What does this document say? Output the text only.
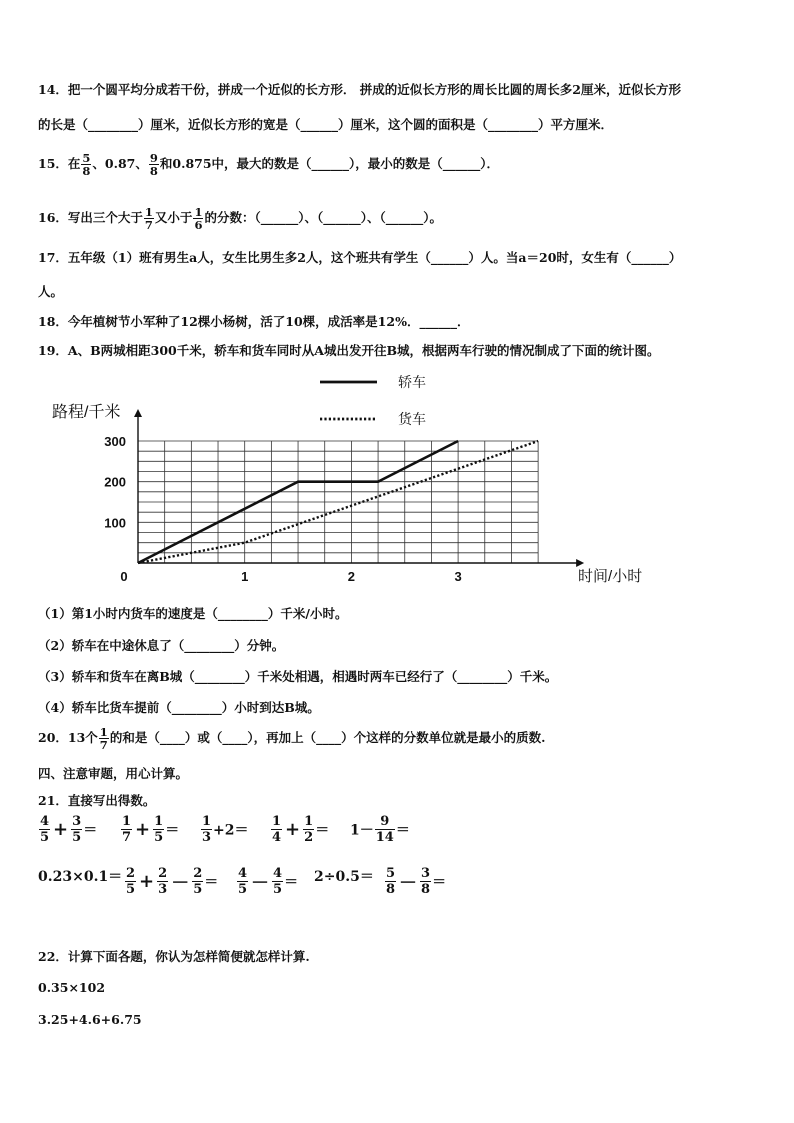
14．把一个圆平均分成若干份，拼成一个近似的长方形． 拼成的近似长方形的周长比圆的周长多2厘米，近似长方形
的长是（________）厘米，近似长方形的宽是（______）厘米，这个圆的面积是（________）平方厘米．
15．在 $\frac{5}{8}$ 、0.87、 $\frac{9}{8}$ 和0.875中，最大的数是（______），最小的数是（______）．
16．写出三个大于 $\frac{1}{7}$ 又小于 $\frac{1}{6}$ 的分数：（______）、（______）、（______）。
17．五年级（1）班有男生a人，女生比男生多2人，这个班共有学生（______）人。当a＝20时，女生有（______）
人。
18．今年植树节小军种了12棵小杨树，活了10棵，成活率是12%．______．
19．A、B两城相距300千米，轿车和货车同时从A城出发开往B城，根据两车行驶的情况制成了下面的统计图。
轿车
货车
100
200
300
1	2	3
0
路程/千米
时间/小时
（1）第1小时内货车的速度是（________）千米/小时。
（2）轿车在中途休息了（________）分钟。
（3）轿车和货车在离B城（________）千米处相遇，相遇时两车已经行了（________）千米。
（4）轿车比货车提前（________）小时到达B城。
20．13个 $\frac{1}{7}$ 的和是（____）或（____），再加上（____）个这样的分数单位就是最小的质数.
四、注意审题，用心计算。
21．直接写出得数。
$\frac{4}{5} + \frac{3}{5} = \frac{1}{7} + \frac{1}{5} = \frac{1}{3} +2= \frac{1}{4} + \frac{1}{2} = 1- \frac{9}{14}$ ＝
$0.23\times 0.1= \frac{2}{5} + \frac{2}{3} - \frac{2}{5} = \frac{4}{5} - \frac{4}{5} = 2\div 0.5= \frac{5}{8} - \frac{3}{8}$ ＝
22．计算下面各题，你认为怎样简便就怎样计算.
0.35×102
3.25+4.6+6.75
